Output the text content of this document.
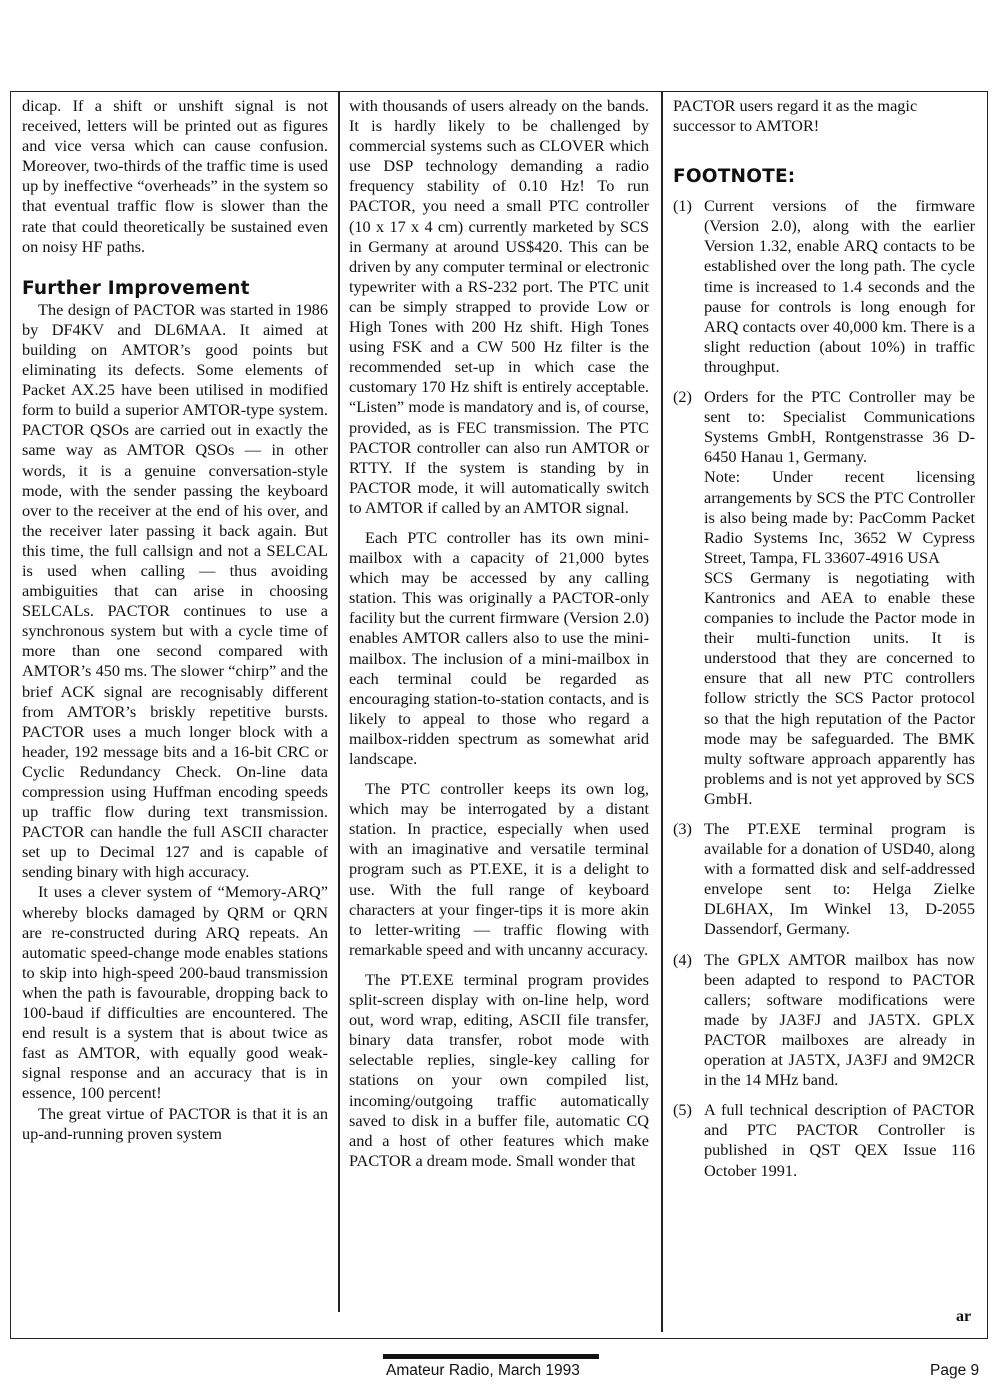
dicap. If a shift or unshift signal is not received, letters will be printed out as figures and vice versa which can cause confusion. Moreover, two-thirds of the traffic time is used up by ineffective “overheads” in the system so that eventual traffic flow is slower than the rate that could theoretically be sustained even on noisy HF paths.

Further Improvement

The design of PACTOR was started in 1986 by DF4KV and DL6MAA. It aimed at building on AMTOR’s good points but eliminating its defects. Some elements of Packet AX.25 have been utilised in modified form to build a superior AMTOR-type system. PACTOR QSOs are carried out in exactly the same way as AMTOR QSOs — in other words, it is a genuine conversation-style mode, with the sender passing the keyboard over to the receiver at the end of his over, and the receiver later passing it back again. But this time, the full callsign and not a SELCAL is used when calling — thus avoiding ambiguities that can arise in choosing SELCALs. PACTOR continues to use a synchronous system but with a cycle time of more than one second compared with AMTOR’s 450 ms. The slower “chirp” and the brief ACK signal are recognisably different from AMTOR’s briskly repetitive bursts. PACTOR uses a much longer block with a header, 192 message bits and a 16-bit CRC or Cyclic Redundancy Check. On-line data compression using Huffman encoding speeds up traffic flow during text transmission. PACTOR can handle the full ASCII character set up to Decimal 127 and is capable of sending binary with high accuracy.

It uses a clever system of “Memory-ARQ” whereby blocks damaged by QRM or QRN are re-constructed during ARQ repeats. An automatic speed-change mode enables stations to skip into high-speed 200-baud transmission when the path is favourable, dropping back to 100-baud if difficulties are encountered. The end result is a system that is about twice as fast as AMTOR, with equally good weak-signal response and an accuracy that is in essence, 100 percent!

The great virtue of PACTOR is that it is an up-and-running proven system

with thousands of users already on the bands. It is hardly likely to be challenged by commercial systems such as CLOVER which use DSP technology demanding a radio frequency stability of 0.10 Hz! To run PACTOR, you need a small PTC controller (10 x 17 x 4 cm) currently marketed by SCS in Germany at around US$420. This can be driven by any computer terminal or electronic typewriter with a RS-232 port. The PTC unit can be simply strapped to provide Low or High Tones with 200 Hz shift. High Tones using FSK and a CW 500 Hz filter is the recommended set-up in which case the customary 170 Hz shift is entirely acceptable. “Listen” mode is mandatory and is, of course, provided, as is FEC transmission. The PTC PACTOR controller can also run AMTOR or RTTY. If the system is standing by in PACTOR mode, it will automatically switch to AMTOR if called by an AMTOR signal.

Each PTC controller has its own mini-mailbox with a capacity of 21,000 bytes which may be accessed by any calling station. This was originally a PACTOR-only facility but the current firmware (Version 2.0) enables AMTOR callers also to use the mini-mailbox. The inclusion of a mini-mailbox in each terminal could be regarded as encouraging station-to-station contacts, and is likely to appeal to those who regard a mailbox-ridden spectrum as somewhat arid landscape.

The PTC controller keeps its own log, which may be interrogated by a distant station. In practice, especially when used with an imaginative and versatile terminal program such as PT.EXE, it is a delight to use. With the full range of keyboard characters at your finger-tips it is more akin to letter-writing — traffic flowing with remarkable speed and with uncanny accuracy.

The PT.EXE terminal program provides split-screen display with on-line help, word out, word wrap, editing, ASCII file transfer, binary data transfer, robot mode with selectable replies, single-key calling for stations on your own compiled list, incoming/outgoing traffic automatically saved to disk in a buffer file, automatic CQ and a host of other features which make PACTOR a dream mode. Small wonder that

PACTOR users regard it as the magic successor to AMTOR!

FOOTNOTE:

(1) Current versions of the firmware (Version 2.0), along with the earlier Version 1.32, enable ARQ contacts to be established over the long path. The cycle time is increased to 1.4 seconds and the pause for controls is long enough for ARQ contacts over 40,000 km. There is a slight reduction (about 10%) in traffic throughput.
(2) Orders for the PTC Controller may be sent to: Specialist Communications Systems GmbH, Rontgenstrasse 36 D-6450 Hanau 1, Germany.

Note: Under recent licensing arrangements by SCS the PTC Controller is also being made by: PacComm Packet Radio Systems Inc, 3652 W Cypress Street, Tampa, FL 33607-4916 USA

SCS Germany is negotiating with Kantronics and AEA to enable these companies to include the Pactor mode in their multi-function units. It is understood that they are concerned to ensure that all new PTC controllers follow strictly the SCS Pactor protocol so that the high reputation of the Pactor mode may be safeguarded. The BMK multy software approach apparently has problems and is not yet approved by SCS GmbH.

(3) The PT.EXE terminal program is available for a donation of USD40, along with a formatted disk and self-addressed envelope sent to: Helga Zielke DL6HAX, Im Winkel 13, D-2055 Dassendorf, Germany.
(4) The GPLX AMTOR mailbox has now been adapted to respond to PACTOR callers; software modifications were made by JA3FJ and JA5TX. GPLX PACTOR mailboxes are already in operation at JA5TX, JA3FJ and 9M2CR in the 14 MHz band.
(5) A full technical description of PACTOR and PTC PACTOR Controller is published in QST QEX Issue 116 October 1991.
ar
Amateur Radio, March 1993	Page 9
